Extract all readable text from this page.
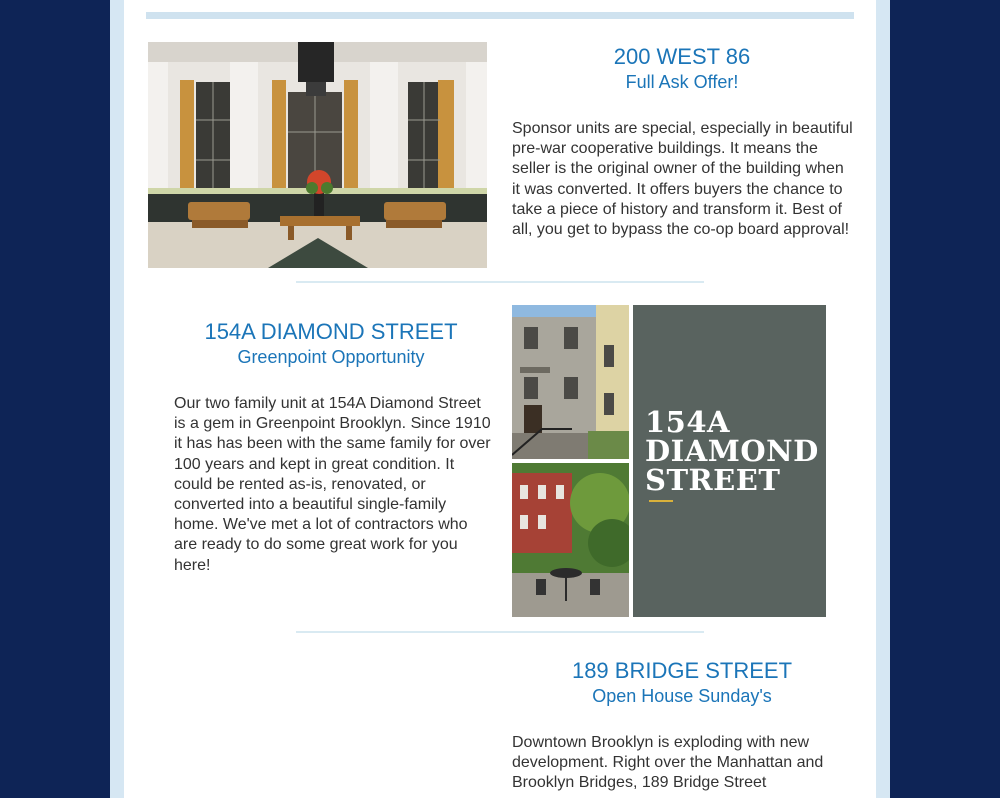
200 WEST 86
Full Ask Offer!
Sponsor units are special, especially in beautiful pre-war cooperative buildings. It means the seller is the original owner of the building when it was converted. It offers buyers the chance to take a piece of history and transform it. Best of all, you get to bypass the co-op board approval!
154A DIAMOND STREET
Greenpoint Opportunity
Our two family unit at 154A Diamond Street is a gem in Greenpoint Brooklyn. Since 1910 it has has been with the same family for over 100 years and kept in great condition. It could be rented as-is, renovated, or converted into a beautiful single-family home. We've met a lot of contractors who are ready to do some great work for you here!
154A
DIAMOND
STREET
189 BRIDGE STREET
Open House Sunday's
Downtown Brooklyn is exploding with new development. Right over the Manhattan and Brooklyn Bridges, 189 Bridge Street
